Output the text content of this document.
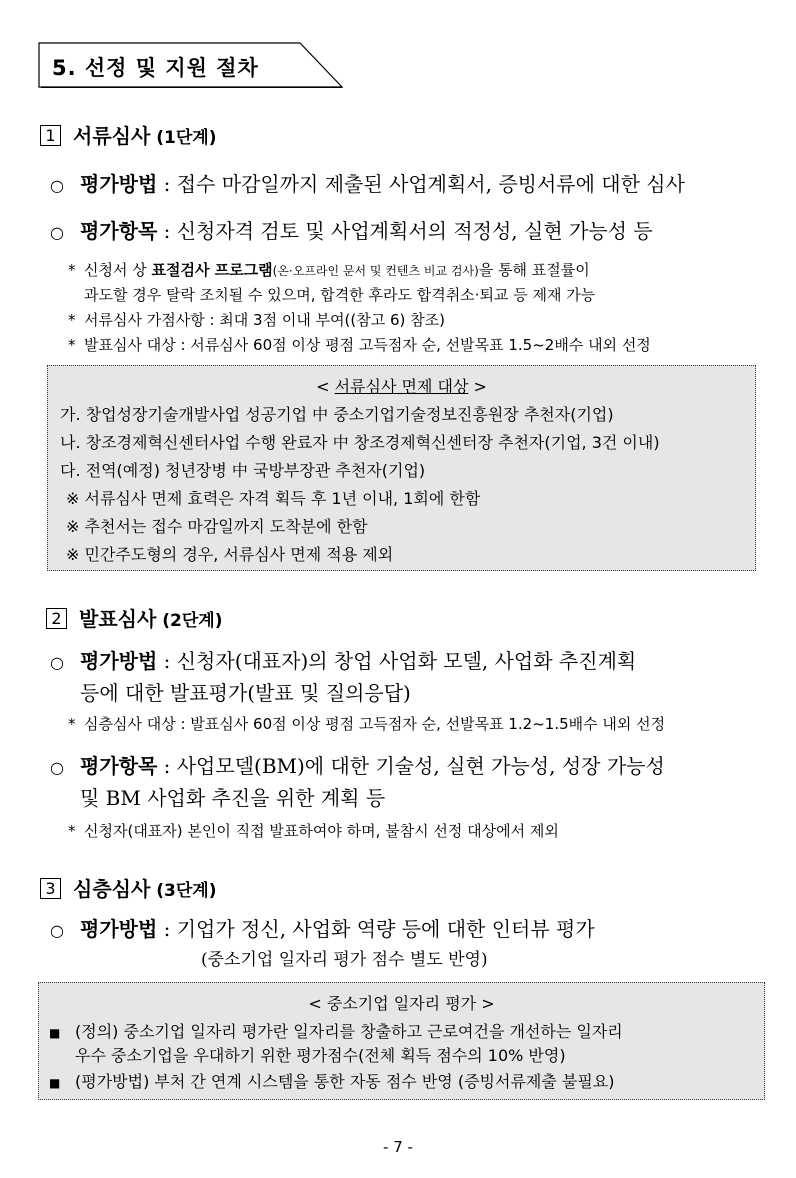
5. 선정 및 지원 절차
1 서류심사 (1단계)
○ 평가방법 : 접수 마감일까지 제출된 사업계획서, 증빙서류에 대한 심사
○ 평가항목 : 신청자격 검토 및 사업계획서의 적정성, 실현 가능성 등
* 신청서 상 표절검사 프로그램(온·오프라인 문서 및 컨텐츠 비교 검사)을 통해 표절률이
과도할 경우 탈락 조치될 수 있으며, 합격한 후라도 합격취소·퇴교 등 제재 가능
* 서류심사 가점사항 : 최대 3점 이내 부여((참고 6) 참조)
* 발표심사 대상 : 서류심사 60점 이상 평점 고득점자 순, 선발목표 1.5~2배수 내외 선정
< 서류심사 면제 대상 >
가. 창업성장기술개발사업 성공기업 中 중소기업기술정보진흥원장 추천자(기업)
나. 창조경제혁신센터사업 수행 완료자 中 창조경제혁신센터장 추천자(기업, 3건 이내)
다. 전역(예정) 청년장병 中 국방부장관 추천자(기업)
※ 서류심사 면제 효력은 자격 획득 후 1년 이내, 1회에 한함
※ 추천서는 접수 마감일까지 도착분에 한함
※ 민간주도형의 경우, 서류심사 면제 적용 제외
2 발표심사 (2단계)
○ 평가방법 : 신청자(대표자)의 창업 사업화 모델, 사업화 추진계획
등에 대한 발표평가(발표 및 질의응답)
* 심층심사 대상 : 발표심사 60점 이상 평점 고득점자 순, 선발목표 1.2~1.5배수 내외 선정
○ 평가항목 : 사업모델(BM)에 대한 기술성, 실현 가능성, 성장 가능성
및 BM 사업화 추진을 위한 계획 등
* 신청자(대표자) 본인이 직접 발표하여야 하며, 불참시 선정 대상에서 제외
3 심층심사 (3단계)
○ 평가방법 : 기업가 정신, 사업화 역량 등에 대한 인터뷰 평가
(중소기업 일자리 평가 점수 별도 반영)
< 중소기업 일자리 평가 >
■ (정의) 중소기업 일자리 평가란 일자리를 창출하고 근로여건을 개선하는 일자리
우수 중소기업을 우대하기 위한 평가점수(전체 획득 점수의 10% 반영)
■ (평가방법) 부처 간 연계 시스템을 통한 자동 점수 반영 (증빙서류제출 불필요)
- 7 -
